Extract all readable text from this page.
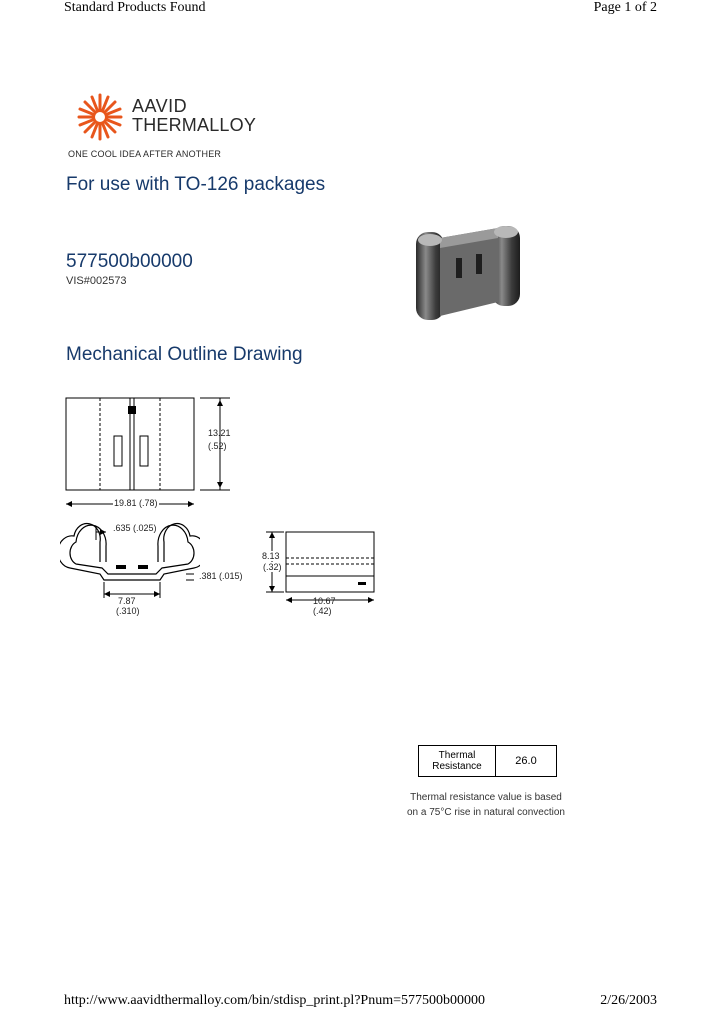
Standard Products Found	Page 1 of 2
AAVID
THERMALLOY
ONE COOL IDEA AFTER ANOTHER
For use with TO-126 packages
577500b00000
VIS#002573
Mechanical Outline Drawing
13.21
(.52)
19.81 (.78)
.635 (.025)
.381 (.015)
7.87
(.310)
8.13
(.32)
10.67
(.42)
Thermal
Resistance	26.0
Thermal resistance value is based
on a 75°C rise in natural convection
http://www.aavidthermalloy.com/bin/stdisp_print.pl?Pnum=577500b00000	2/26/2003
